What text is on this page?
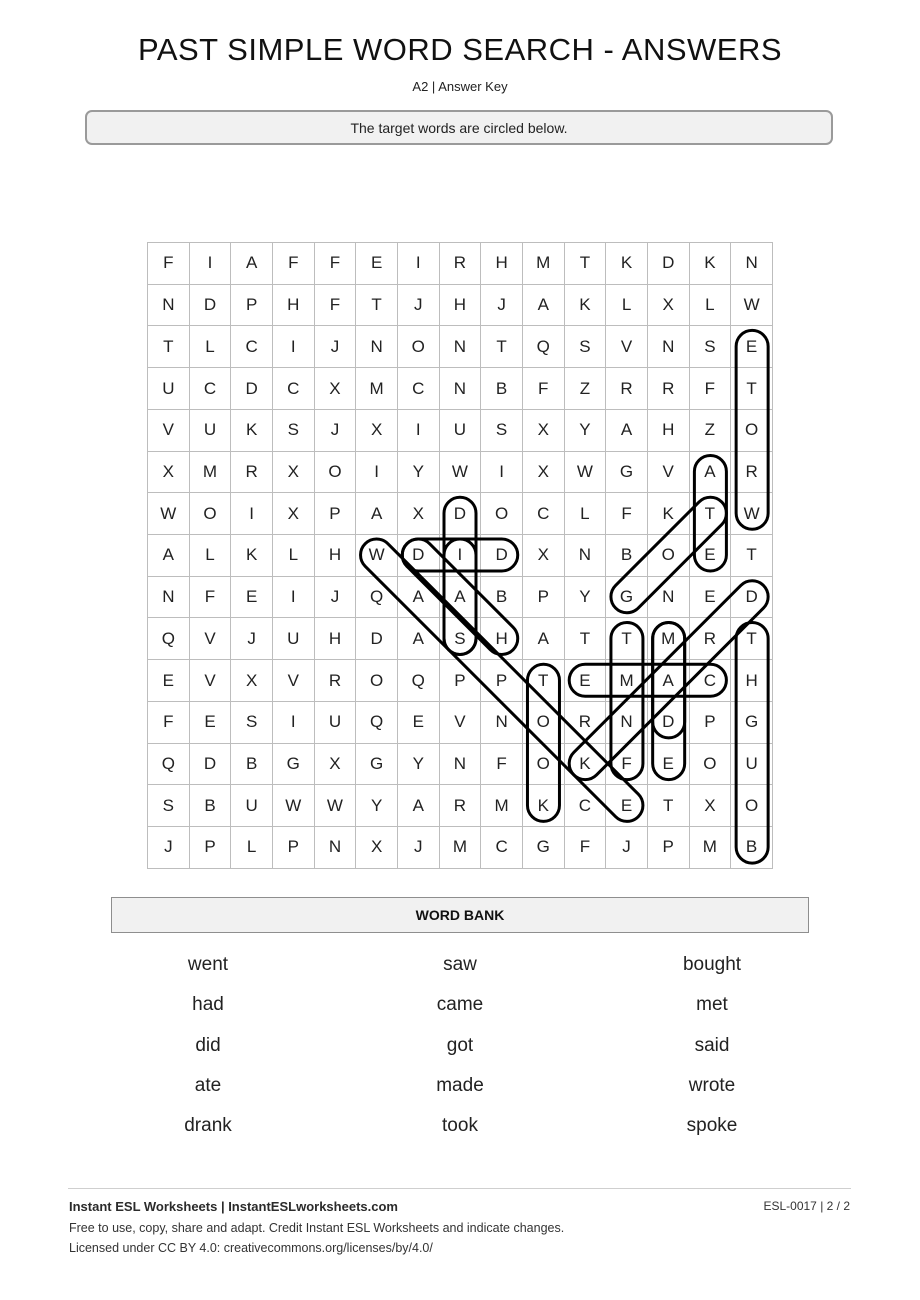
PAST SIMPLE WORD SEARCH - ANSWERS
A2 | Answer Key
The target words are circled below.
F	I	A	F	F	E	I	R	H	M	T	K	D	K	N
N	D	P	H	F	T	J	H	J	A	K	L	X	L	W
T	L	C	I	J	N	O	N	T	Q	S	V	N	S	E
U	C	D	C	X	M	C	N	B	F	Z	R	R	F	T
V	U	K	S	J	X	I	U	S	X	Y	A	H	Z	O
X	M	R	X	O	I	Y	W	I	X	W	G	V	A	R
W	O	I	X	P	A	X	D	O	C	L	F	K	T	W
A	L	K	L	H	W	D	I	D	X	N	B	O	E	T
N	F	E	I	J	Q	A	A	B	P	Y	G	N	E	D
Q	V	J	U	H	D	A	S	H	A	T	T	M	R	T
E	V	X	V	R	O	Q	P	P	T	E	M	A	C	H
F	E	S	I	U	Q	E	V	N	O	R	N	D	P	G
Q	D	B	G	X	G	Y	N	F	O	K	F	E	O	U
S	B	U	W	W	Y	A	R	M	K	C	E	T	X	O
J	P	L	P	N	X	J	M	C	G	F	J	P	M	B
WORD BANK
went	saw	bought
had	came	met
did	got	said
ate	made	wrote
drank	took	spoke
Instant ESL Worksheets | InstantESLworksheets.com	ESL-0017 | 2 / 2
Free to use, copy, share and adapt. Credit Instant ESL Worksheets and indicate changes.
Licensed under CC BY 4.0: creativecommons.org/licenses/by/4.0/
